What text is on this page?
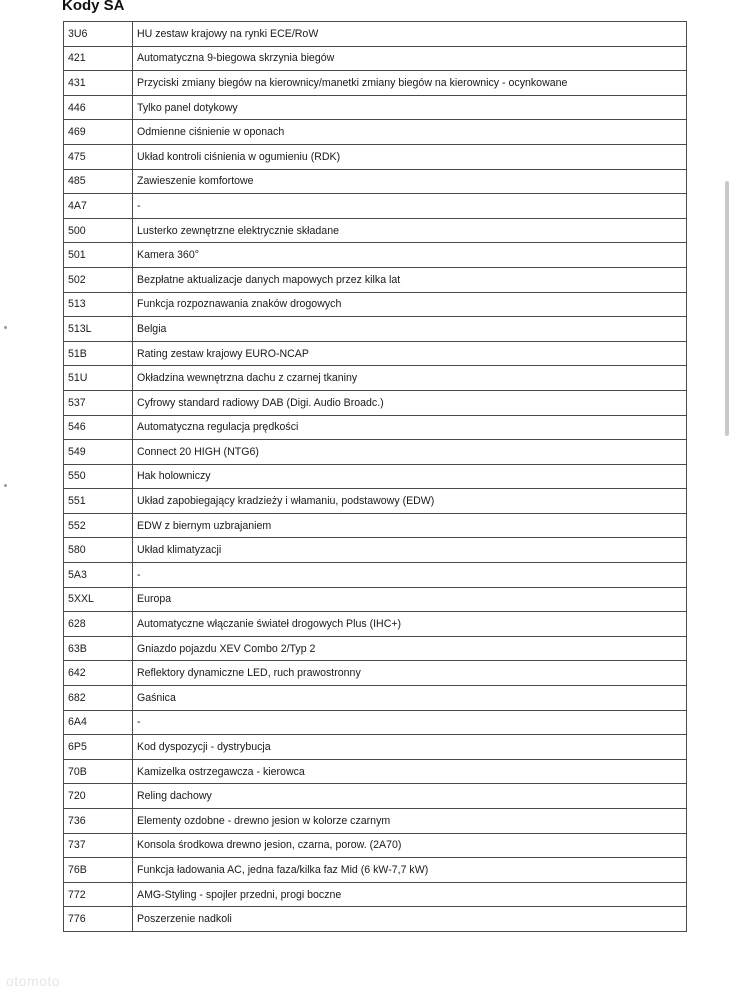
Kody SA
3U6	HU zestaw krajowy na rynki ECE/RoW
421	Automatyczna 9-biegowa skrzynia biegów
431	Przyciski zmiany biegów na kierownicy/manetki zmiany biegów na kierownicy - ocynkowane
446	Tylko panel dotykowy
469	Odmienne ciśnienie w oponach
475	Układ kontroli ciśnienia w ogumieniu (RDK)
485	Zawieszenie komfortowe
4A7	-
500	Lusterko zewnętrzne elektrycznie składane
501	Kamera 360°
502	Bezpłatne aktualizacje danych mapowych przez kilka lat
513	Funkcja rozpoznawania znaków drogowych
513L	Belgia
51B	Rating zestaw krajowy EURO-NCAP
51U	Okładzina wewnętrzna dachu z czarnej tkaniny
537	Cyfrowy standard radiowy DAB (Digi. Audio Broadc.)
546	Automatyczna regulacja prędkości
549	Connect 20 HIGH (NTG6)
550	Hak holowniczy
551	Układ zapobiegający kradzieży i włamaniu, podstawowy (EDW)
552	EDW z biernym uzbrajaniem
580	Układ klimatyzacji
5A3	-
5XXL	Europa
628	Automatyczne włączanie świateł drogowych Plus (IHC+)
63B	Gniazdo pojazdu XEV Combo 2/Typ 2
642	Reflektory dynamiczne LED, ruch prawostronny
682	Gaśnica
6A4	-
6P5	Kod dyspozycji - dystrybucja
70B	Kamizelka ostrzegawcza - kierowca
720	Reling dachowy
736	Elementy ozdobne - drewno jesion w kolorze czarnym
737	Konsola środkowa drewno jesion, czarna, porow. (2A70)
76B	Funkcja ładowania AC, jedna faza/kilka faz Mid (6 kW-7,7 kW)
772	AMG-Styling - spojler przedni, progi boczne
776	Poszerzenie nadkoli
otomoto
